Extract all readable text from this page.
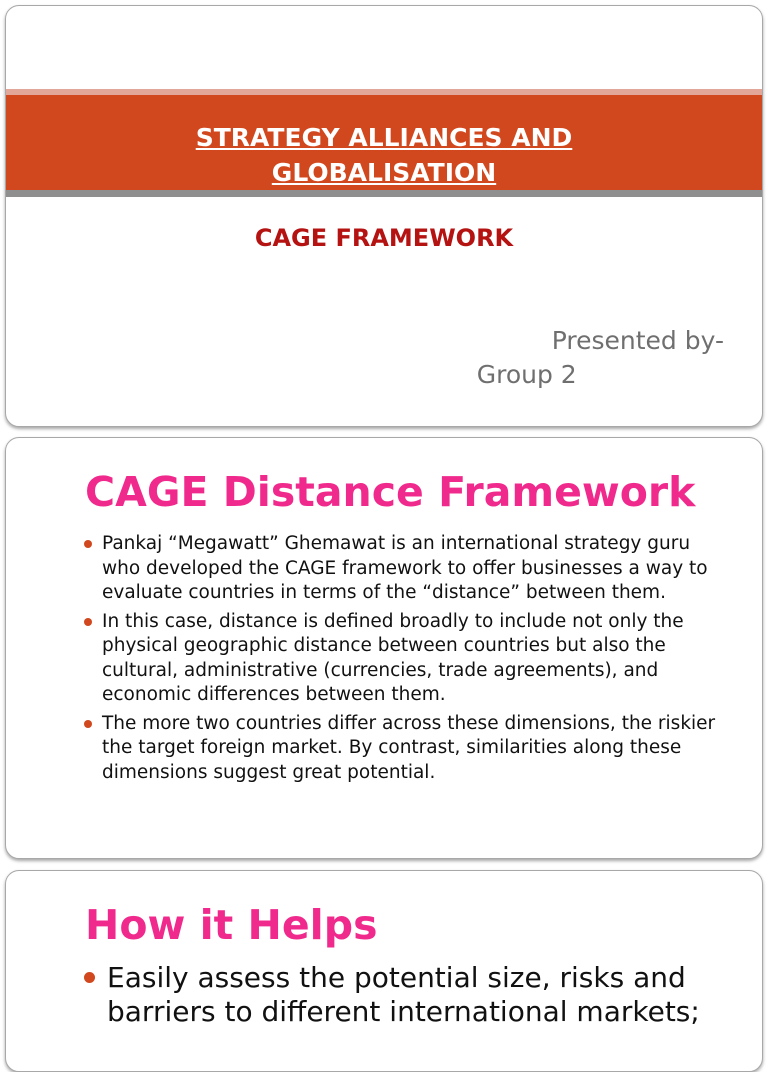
STRATEGY ALLIANCES AND
GLOBALISATION
CAGE FRAMEWORK
Presented by-
Group 2
CAGE Distance Framework
Pankaj “Megawatt” Ghemawat is an international strategy guru who developed the CAGE framework to offer businesses a way to evaluate countries in terms of the “distance” between them.
In this case, distance is defined broadly to include not only the physical geographic distance between countries but also the cultural, administrative (currencies, trade agreements), and economic differences between them.
The more two countries differ across these dimensions, the riskier the target foreign market. By contrast, similarities along these dimensions suggest great potential.
How it Helps
Easily assess the potential size, risks and barriers to different international markets;
